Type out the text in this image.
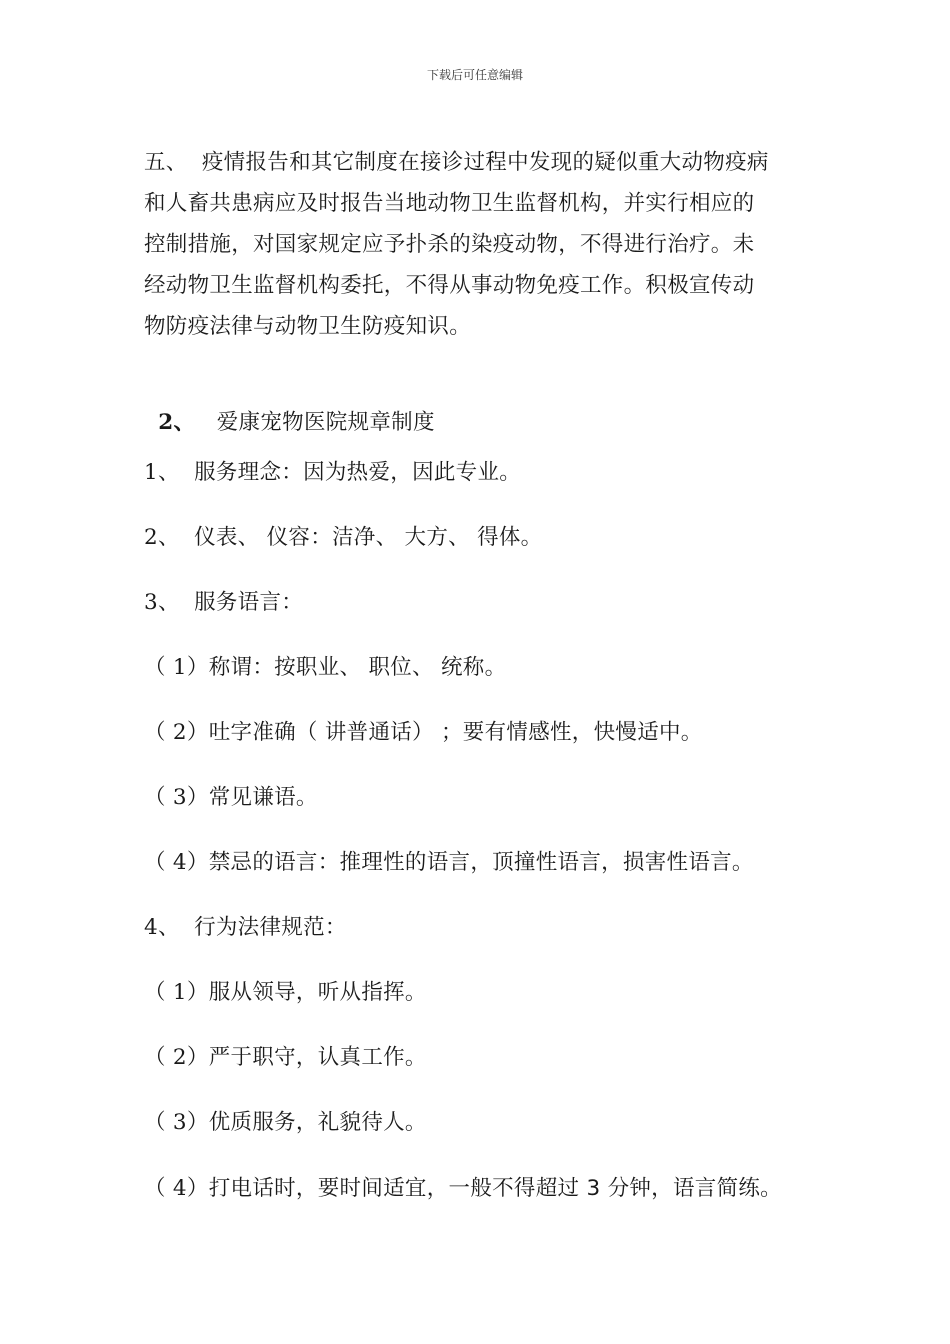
下载后可任意编辑
五、  疫情报告和其它制度在接诊过程中发现的疑似重大动物疫病
和人畜共患病应及时报告当地动物卫生监督机构，并实行相应的
控制措施，对国家规定应予扑杀的染疫动物，不得进行治疗。未
经动物卫生监督机构委托，不得从事动物免疫工作。积极宣传动
物防疫法律与动物卫生防疫知识。

2、 爱康宠物医院规章制度

1、 服务理念：因为热爱，因此专业。
2、 仪表、 仪容：洁净、 大方、 得体。
3、 服务语言：
（ 1）称谓：按职业、 职位、 统称。
（ 2）吐字准确（ 讲普通话） ；要有情感性，快慢适中。
（ 3）常见谦语。
（ 4）禁忌的语言：推理性的语言，顶撞性语言，损害性语言。
4、 行为法律规范：
（ 1）服从领导，听从指挥。
（ 2）严于职守，认真工作。
（ 3）优质服务，礼貌待人。
（ 4）打电话时，要时间适宜，一般不得超过 3 分钟，语言简练。
